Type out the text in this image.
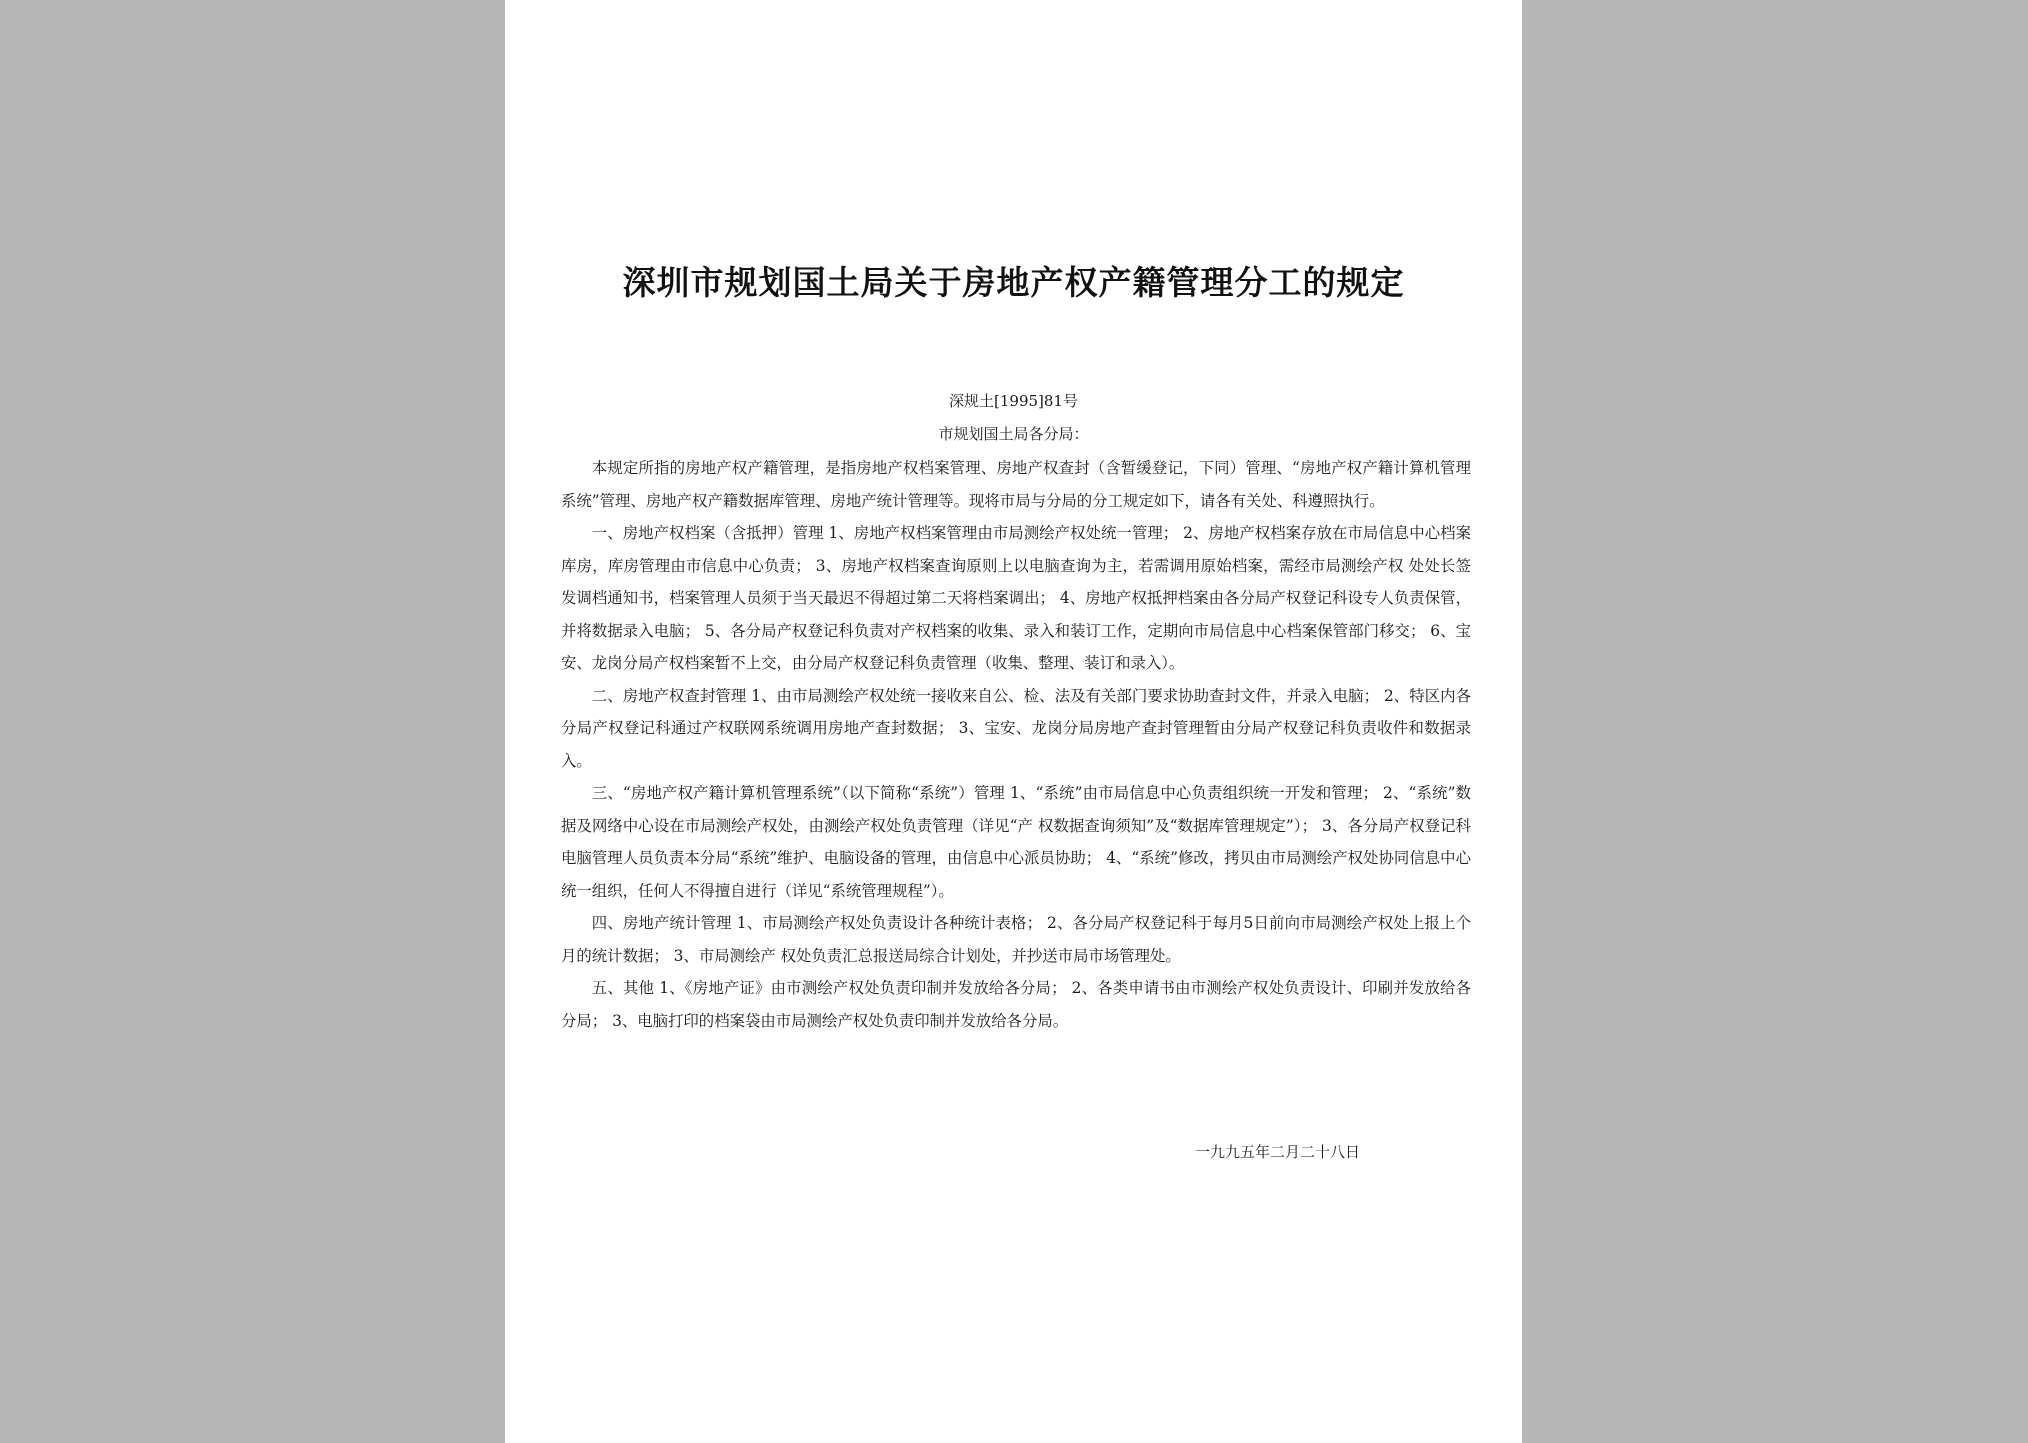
深圳市规划国土局关于房地产权产籍管理分工的规定
深规土[1995]81号
市规划国土局各分局：

本规定所指的房地产权产籍管理，是指房地产权档案管理、房地产权查封（含暂缓登记，下同）管理、“房地产权产籍计算机管理系统”管理、房地产权产籍数据库管理、房地产统计管理等。现将市局与分局的分工规定如下，请各有关处、科遵照执行。

一、房地产权档案（含抵押）管理 1、房地产权档案管理由市局测绘产权处统一管理； 2、房地产权档案存放在市局信息中心档案库房，库房管理由市信息中心负责； 3、房地产权档案查询原则上以电脑查询为主，若需调用原始档案，需经市局测绘产权 处处长签发调档通知书，档案管理人员须于当天最迟不得超过第二天将档案调出； 4、房地产权抵押档案由各分局产权登记科设专人负责保管，并将数据录入电脑； 5、各分局产权登记科负责对产权档案的收集、录入和装订工作，定期向市局信息中心档案保管部门移交； 6、宝安、龙岗分局产权档案暂不上交，由分局产权登记科负责管理（收集、整理、装订和录入）。

二、房地产权查封管理 1、由市局测绘产权处统一接收来自公、检、法及有关部门要求协助查封文件，并录入电脑； 2、特区内各分局产权登记科通过产权联网系统调用房地产查封数据； 3、宝安、龙岗分局房地产查封管理暂由分局产权登记科负责收件和数据录入。

三、“房地产权产籍计算机管理系统”（以下简称“系统”）管理 1、“系统”由市局信息中心负责组织统一开发和管理； 2、“系统”数据及网络中心设在市局测绘产权处，由测绘产权处负责管理（详见“产 权数据查询须知”及“数据库管理规定”）； 3、各分局产权登记科电脑管理人员负责本分局“系统”维护、电脑设备的管理，由信息中心派员协助； 4、“系统”修改，拷贝由市局测绘产权处协同信息中心统一组织，任何人不得擅自进行（详见“系统管理规程”）。

四、房地产统计管理 1、市局测绘产权处负责设计各种统计表格； 2、各分局产权登记科于每月5日前向市局测绘产权处上报上个月的统计数据； 3、市局测绘产 权处负责汇总报送局综合计划处，并抄送市局市场管理处。

五、其他 1、《房地产证》由市测绘产权处负责印制并发放给各分局； 2、各类申请书由市测绘产权处负责设计、印刷并发放给各分局； 3、电脑打印的档案袋由市局测绘产权处负责印制并发放给各分局。

一九九五年二月二十八日
